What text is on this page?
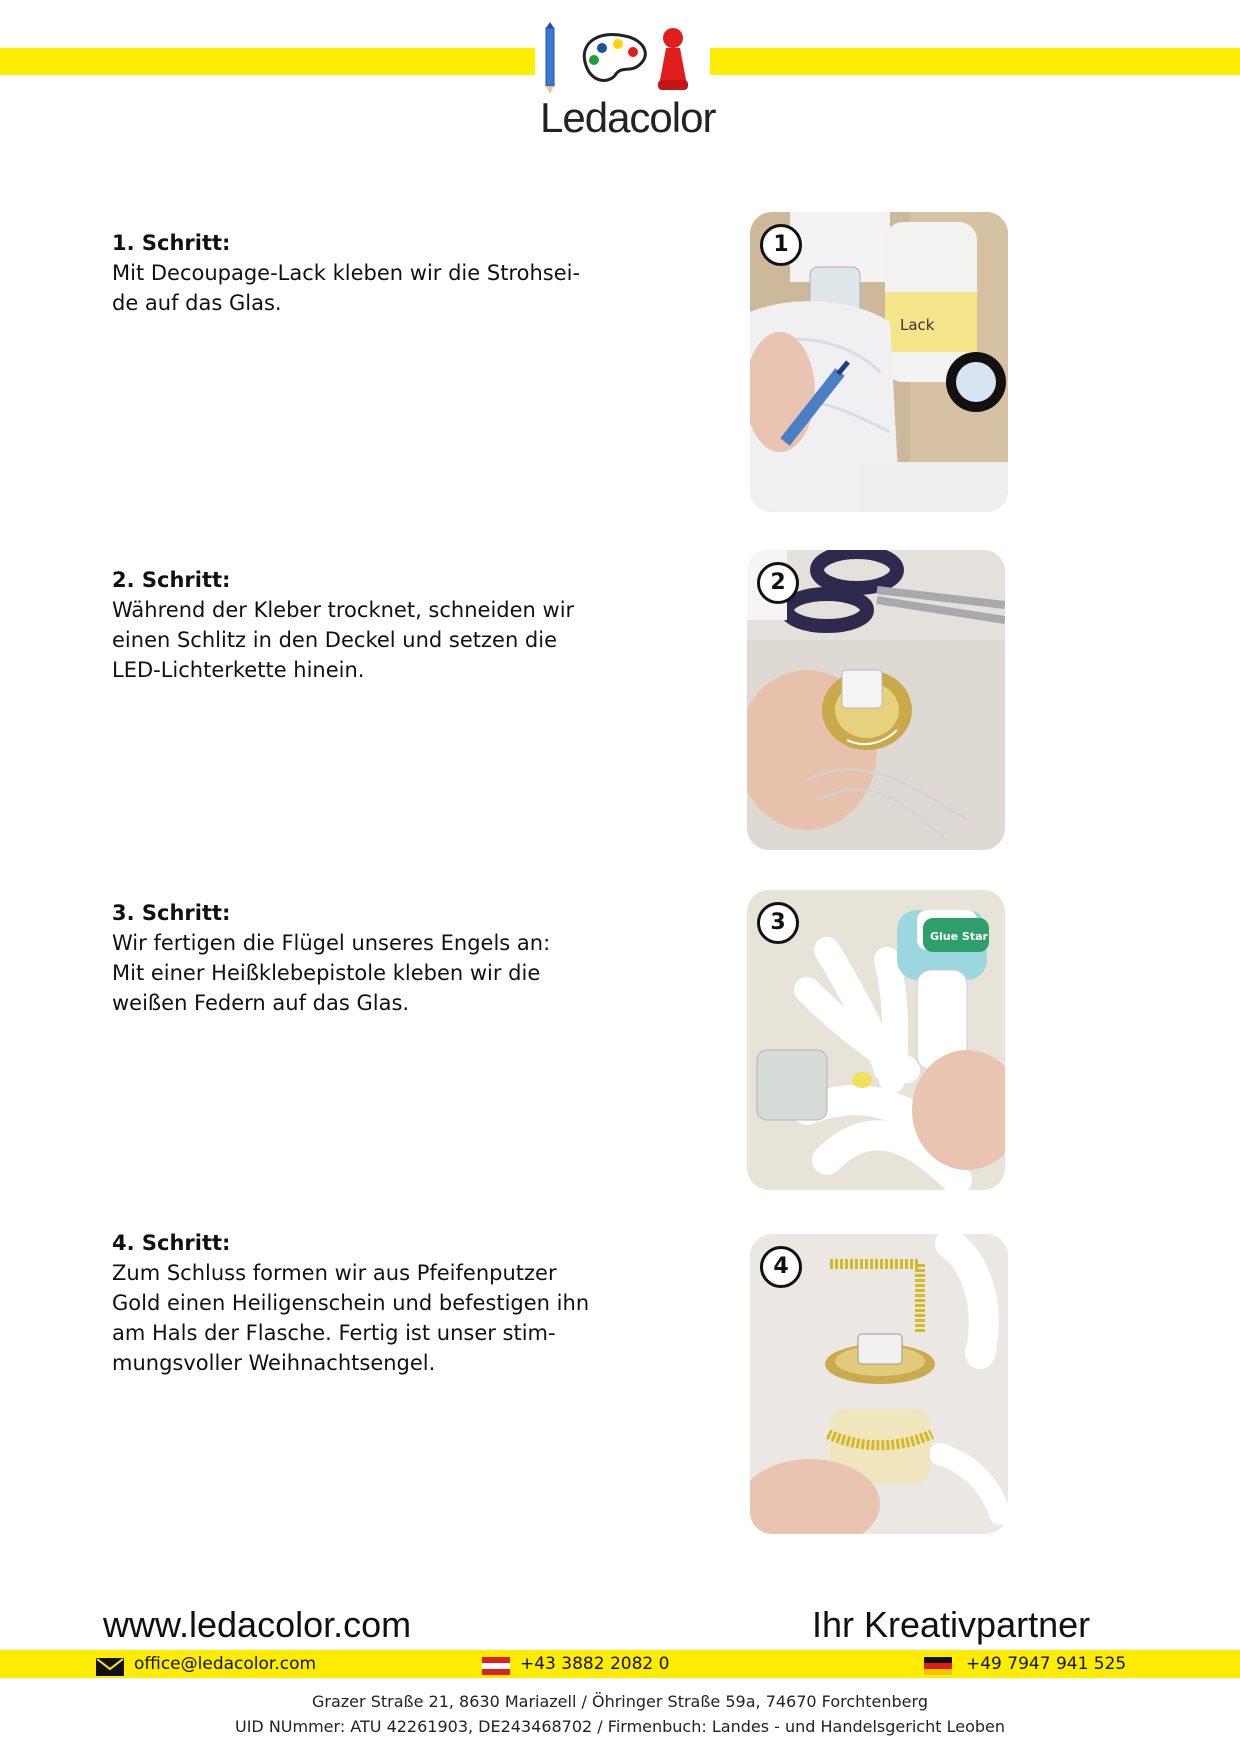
Ledacolor
1. Schritt:
Mit Decoupage-Lack kleben wir die Strohsei-
de auf das Glas.
Lack
1
2. Schritt:
Während der Kleber trocknet, schneiden wir
einen Schlitz in den Deckel und setzen die
LED-Lichterkette hinein.
2
3. Schritt:
Wir fertigen die Flügel unseres Engels an:
Mit einer Heißklebepistole kleben wir die
weißen Federn auf das Glas.
Glue Star
3
4. Schritt:
Zum Schluss formen wir aus Pfeifenputzer
Gold einen Heiligenschein und befestigen ihn
am Hals der Flasche. Fertig ist unser stim-
mungsvoller Weihnachtsengel.
4
www.ledacolor.com	Ihr Kreativpartner
office@ledacolor.com	+43 3882 2082 0	+49 7947 941 525
Grazer Straße 21, 8630 Mariazell / Öhringer Straße 59a, 74670 Forchtenberg
UID NUmmer: ATU 42261903, DE243468702 / Firmenbuch: Landes - und Handelsgericht Leoben
